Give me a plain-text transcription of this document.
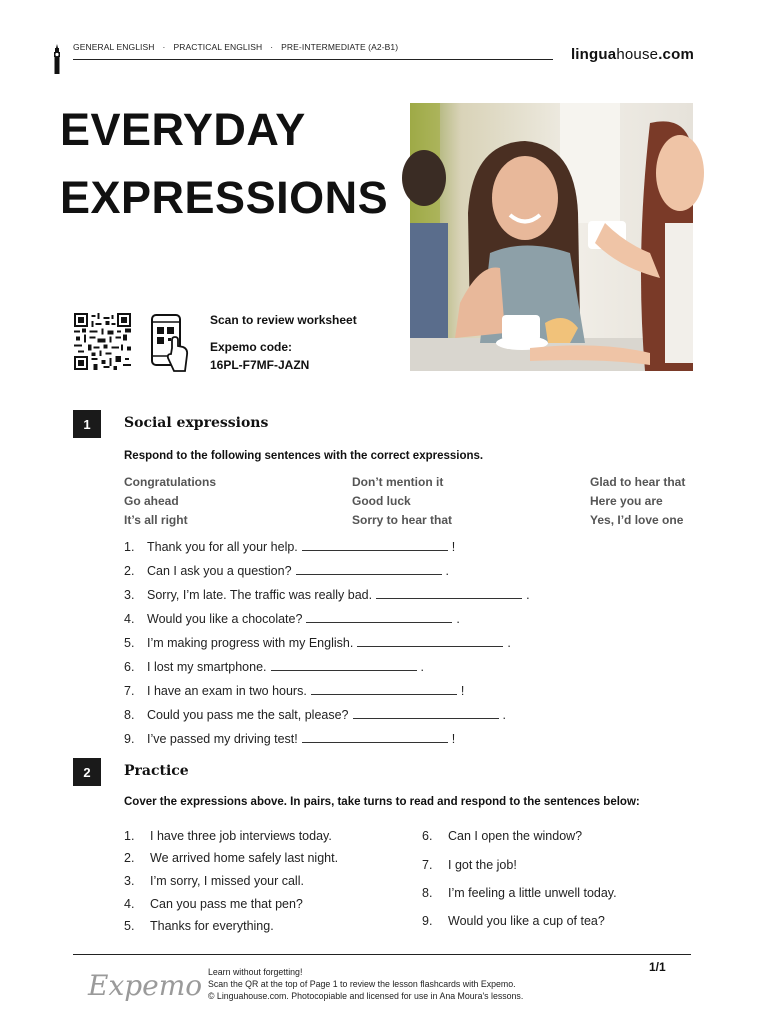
GENERAL ENGLISH · PRACTICAL ENGLISH · PRE-INTERMEDIATE (A2-B1)	linguahouse.com
EVERYDAY
EXPRESSIONS
Scan to review worksheet
Expemo code:
16PL-F7MF-JAZN
1	Social expressions
Respond to the following sentences with the correct expressions.
Congratulations	Don’t mention it	Glad to hear that
Go ahead	Good luck	Here you are
It’s all right	Sorry to hear that	Yes, I’d love one
1. Thank you for all your help.	!
2. Can I ask you a question?	.
3. Sorry, I’m late. The traffic was really bad.	.
4. Would you like a chocolate?	.
5. I’m making progress with my English.	.
6. I lost my smartphone.	.
7. I have an exam in two hours.	!
8. Could you pass me the salt, please?	.
9. I’ve passed my driving test!	!
2	Practice
Cover the expressions above. In pairs, take turns to read and respond to the sentences below:
1. I have three job interviews today.
2. We arrived home safely last night.
3. I’m sorry, I missed your call.
4. Can you pass me that pen?
5. Thanks for everything.
6. Can I open the window?
7. I got the job!
8. I’m feeling a little unwell today.
9. Would you like a cup of tea?
Expemo Learn without forgetting!
Scan the QR at the top of Page 1 to review the lesson flashcards with Expemo.
© Linguahouse.com. Photocopiable and licensed for use in Ana Moura's lessons.
1/1
